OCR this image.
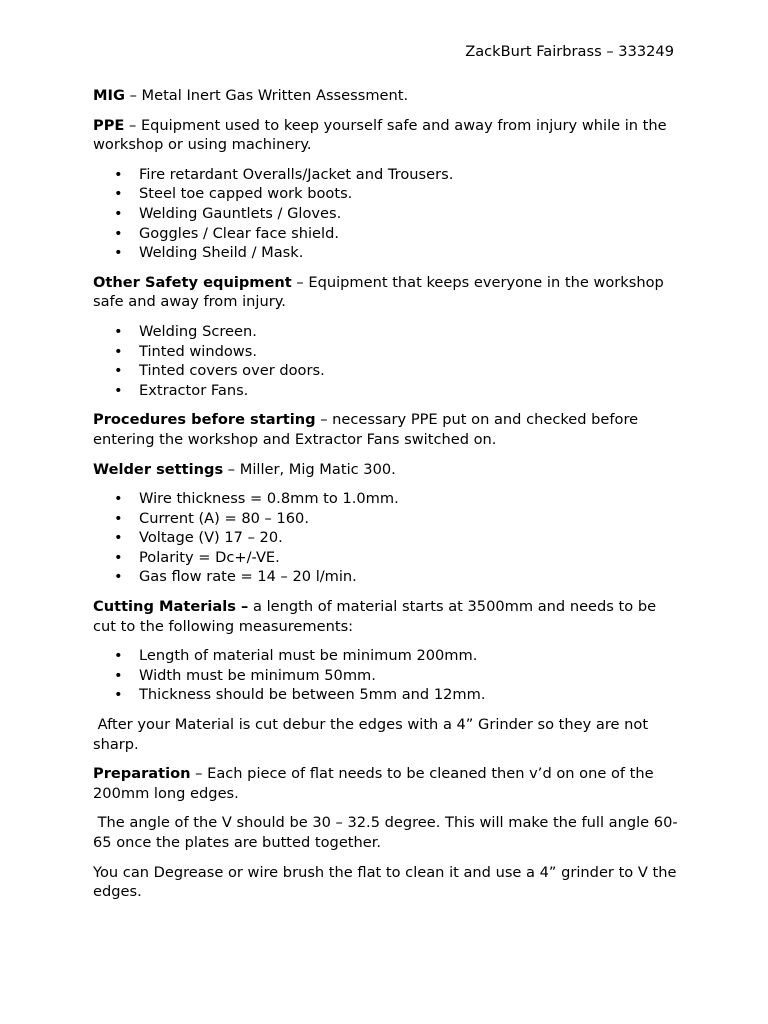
ZackBurt Fairbrass – 333249

MIG – Metal Inert Gas Written Assessment.

PPE – Equipment used to keep yourself safe and away from injury while in the workshop or using machinery.

• Fire retardant Overalls/Jacket and Trousers.
• Steel toe capped work boots.
• Welding Gauntlets / Gloves.
• Goggles / Clear face shield.
• Welding Sheild / Mask.

Other Safety equipment – Equipment that keeps everyone in the workshop safe and away from injury.

• Welding Screen.
• Tinted windows.
• Tinted covers over doors.
• Extractor Fans.

Procedures before starting – necessary PPE put on and checked before entering the workshop and Extractor Fans switched on.

Welder settings – Miller, Mig Matic 300.

• Wire thickness = 0.8mm to 1.0mm.
• Current (A) = 80 – 160.
• Voltage (V) 17 – 20.
• Polarity = Dc+/-VE.
• Gas flow rate = 14 – 20 l/min.

Cutting Materials – a length of material starts at 3500mm and needs to be cut to the following measurements:

• Length of material must be minimum 200mm.
• Width must be minimum 50mm.
• Thickness should be between 5mm and 12mm.

After your Material is cut debur the edges with a 4” Grinder so they are not sharp.

Preparation – Each piece of flat needs to be cleaned then v’d on one of the 200mm long edges.

The angle of the V should be 30 – 32.5 degree. This will make the full angle 60-65 once the plates are butted together.

You can Degrease or wire brush the flat to clean it and use a 4” grinder to V the edges.
